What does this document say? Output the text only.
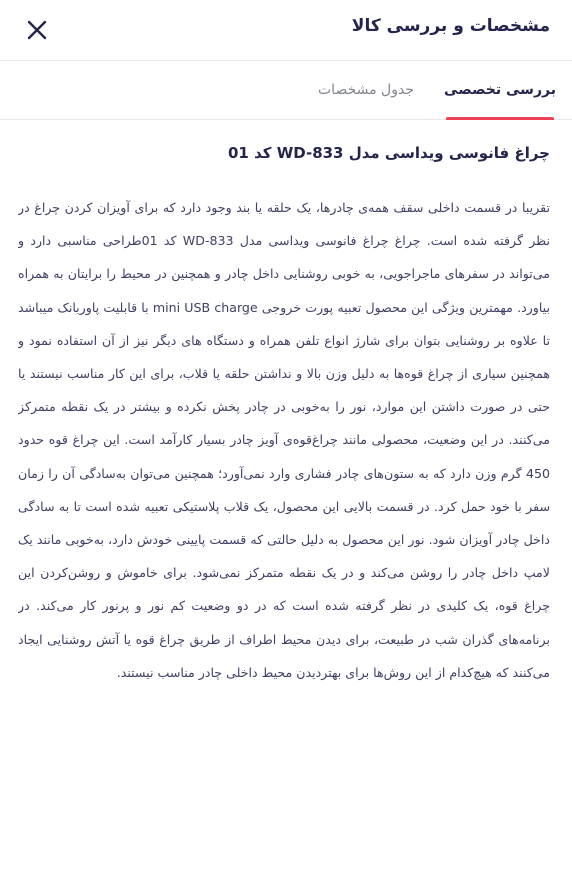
مشخصات و بررسی کالا
بررسی تخصصی
جدول مشخصات
چراغ فانوسی ویداسی مدل WD-833 کد 01

تقریبا در قسمت داخلی سقف همه‌ی چادرها، یک حلقه یا بند وجود دارد که برای آویزان کردن چراغ در نظر گرفته شده است. چراغ چراغ فانوسی ویداسی مدل WD-833 کد 01طراحی مناسبی دارد و می‌تواند در سفرهای ماجراجویی، به خوبی روشنایی داخل چادر و همچنین در محیط را برایتان به همراه بیاورد. مهمترین ویژگی این محصول تعبیه پورت خروجی mini USB charge با قابلیت پاوربانک میباشد تا علاوه بر روشنایی بتوان برای شارژ انواع تلفن همراه و دستگاه های دیگر نیز از آن استفاده نمود و همچنین سیاری از چراغ قوه‌ها به دلیل وزن بالا و نداشتن حلقه یا قلاب، برای این کار مناسب نیستند یا حتی در صورت داشتن این موارد، نور را به‌خوبی در چادر پخش نکرده و بیشتر در یک نقطه متمرکز می‌کنند. در این وضعیت، محصولی مانند چراغ‌قوه‌ی آویز چادر بسیار کارآمد است. این چراغ قوه حدود 450 گرم وزن دارد که به ستون‌های چادر فشاری وارد نمی‌آورد؛ همچنین می‌توان به‌سادگی آن را زمان سفر با خود حمل کرد. در قسمت بالایی این محصول، یک قلاب پلاستیکی تعبیه شده است تا به سادگی داخل چادر آویزان شود. نور این محصول به دلیل حالتی که قسمت پایینی خودش دارد، به‌خوبی مانند یک لامپ داخل چادر را روشن می‌کند و در یک نقطه متمرکز نمی‌شود. برای خاموش و روشن‌کردن این چراغ قوه، یک کلیدی در نظر گرفته شده است که در دو وضعیت کم نور و پرنور کار می‌کند. در برنامه‌های گذران شب در طبیعت، برای دیدن محیط اطراف از طریق چراغ قوه یا آتش روشنایی ایجاد می‌کنند که هیچ‌کدام از این روش‌ها برای بهتردیدن محیط داخلی چادر مناسب نیستند.
